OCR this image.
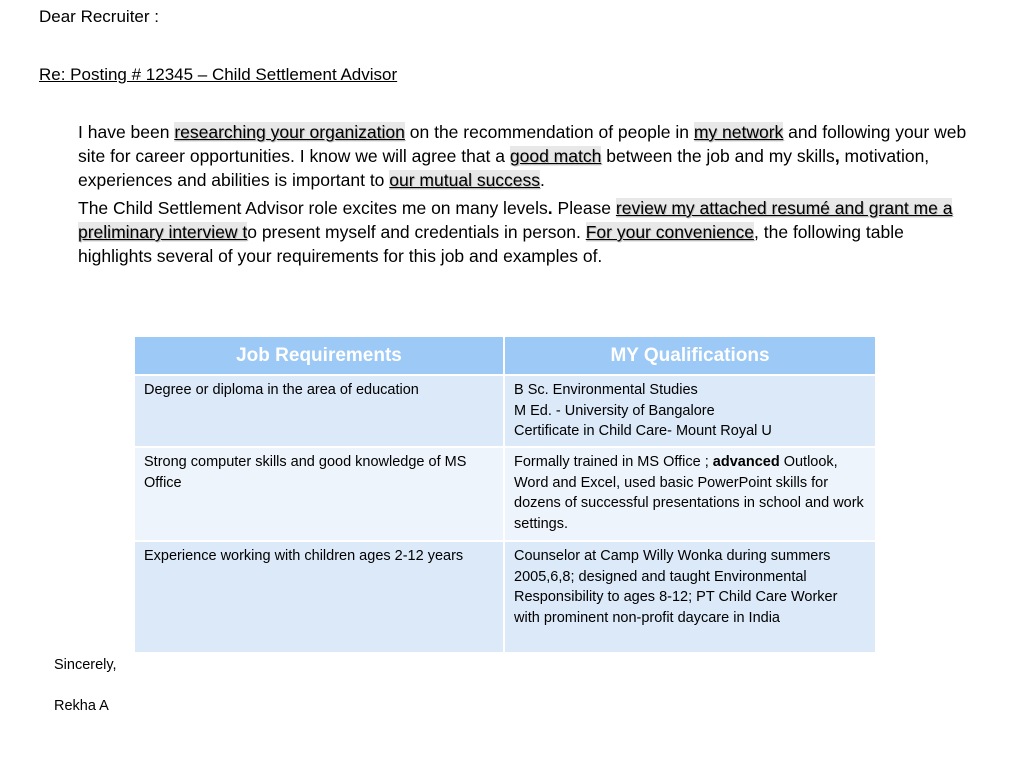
Dear Recruiter :
Re: Posting # 12345 – Child Settlement Advisor
I have been researching your organization on the recommendation of people in my network and following your web site for career opportunities. I know we will agree that a good match between the job and my skills, motivation, experiences and abilities is important to our mutual success.
The Child Settlement Advisor role excites me on many levels. Please review my attached resumé and grant me a preliminary interview to present myself and credentials in person. For your convenience, the following table highlights several of your requirements for this job and examples of.
Job Requirements	MY Qualifications
Degree or diploma in the area of education	B Sc. Environmental Studies
M Ed. - University of Bangalore
Certificate in Child Care- Mount Royal U

Strong computer skills and good knowledge of MS Office	Formally trained in MS Office ; advanced Outlook, Word and Excel, used basic PowerPoint skills for dozens of successful presentations in school and work settings.
Experience working with children ages 2-12 years	Counselor at Camp Willy Wonka during summers 2005,6,8; designed and taught Environmental Responsibility to ages 8-12; PT Child Care Worker with prominent non-profit daycare in India
Sincerely,
Rekha A
